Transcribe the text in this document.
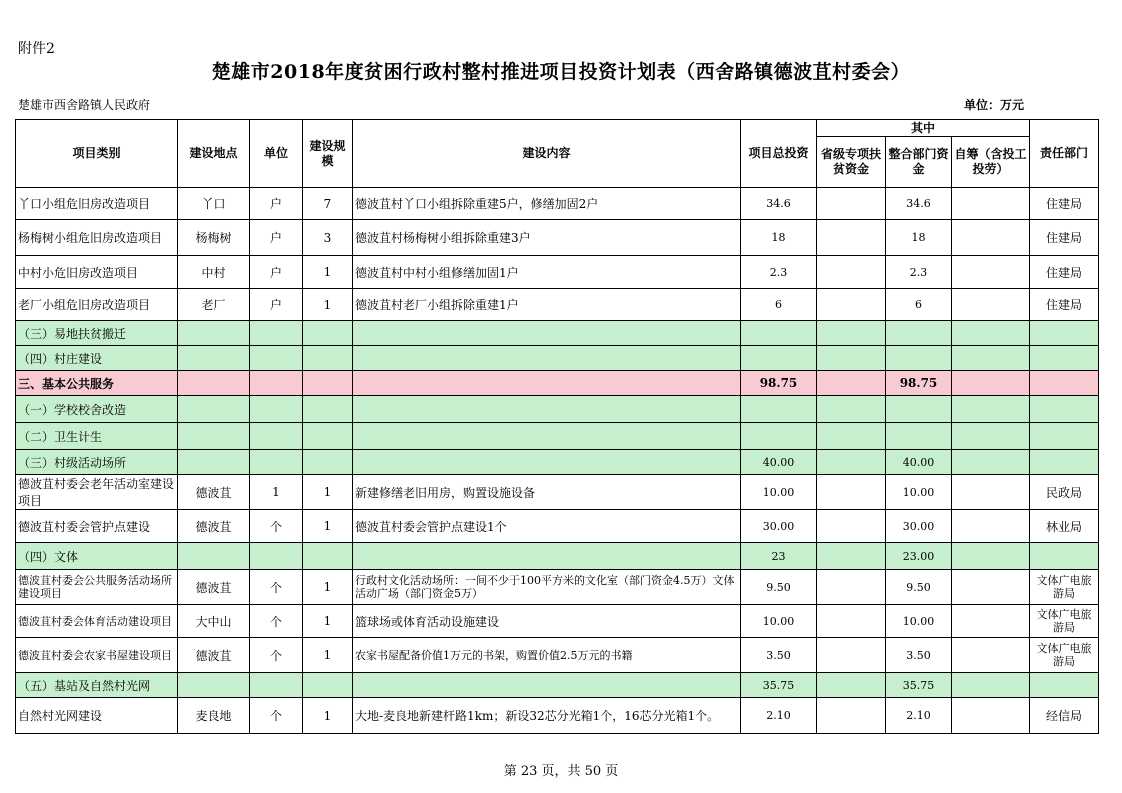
附件2
楚雄市2018年度贫困行政村整村推进项目投资计划表（西舍路镇德波苴村委会）
楚雄市西舍路镇人民政府	单位：万元
项目类别	建设地点	单位	建设规模	建设内容	项目总投资	其中			责任部门
						省级专项扶贫资金	整合部门资金	自筹（含投工投劳）	
丫口小组危旧房改造项目	丫口	户	7	德波苴村丫口小组拆除重建5户，修缮加固2户	34.6		34.6		住建局
杨梅树小组危旧房改造项目	杨梅树	户	3	德波苴村杨梅树小组拆除重建3户	18		18		住建局
中村小危旧房改造项目	中村	户	1	德波苴村中村小组修缮加固1户	2.3		2.3		住建局
老厂小组危旧房改造项目	老厂	户	1	德波苴村老厂小组拆除重建1户	6		6		住建局
（三）易地扶贫搬迁									
（四）村庄建设									
三、基本公共服务					98.75		98.75		
（一）学校校舍改造									
（二）卫生计生									
（三）村级活动场所					40.00		40.00		
德波苴村委会老年活动室建设项目	德波苴	1	1	新建修缮老旧用房，购置设施设备	10.00		10.00		民政局
德波苴村委会管护点建设	德波苴	个	1	德波苴村委会管护点建设1个	30.00		30.00		林业局
（四）文体					23		23.00		
德波苴村委会公共服务活动场所建设项目	德波苴	个	1	行政村文化活动场所：一间不少于100平方米的文化室（部门资金4.5万）文体活动广场（部门资金5万）	9.50		9.50		文体广电旅游局
德波苴村委会体育活动建设项目	大中山	个	1	篮球场或体育活动设施建设	10.00		10.00		文体广电旅游局
德波苴村委会农家书屋建设项目	德波苴	个	1	农家书屋配备价值1万元的书架，购置价值2.5万元的书籍	3.50		3.50		文体广电旅游局
（五）基站及自然村光网					35.75		35.75		
自然村光网建设	麦良地	个	1	大地-麦良地新建杆路1km；新设32芯分光箱1个，16芯分光箱1个。	2.10		2.10		经信局
第 23 页，共 50 页
